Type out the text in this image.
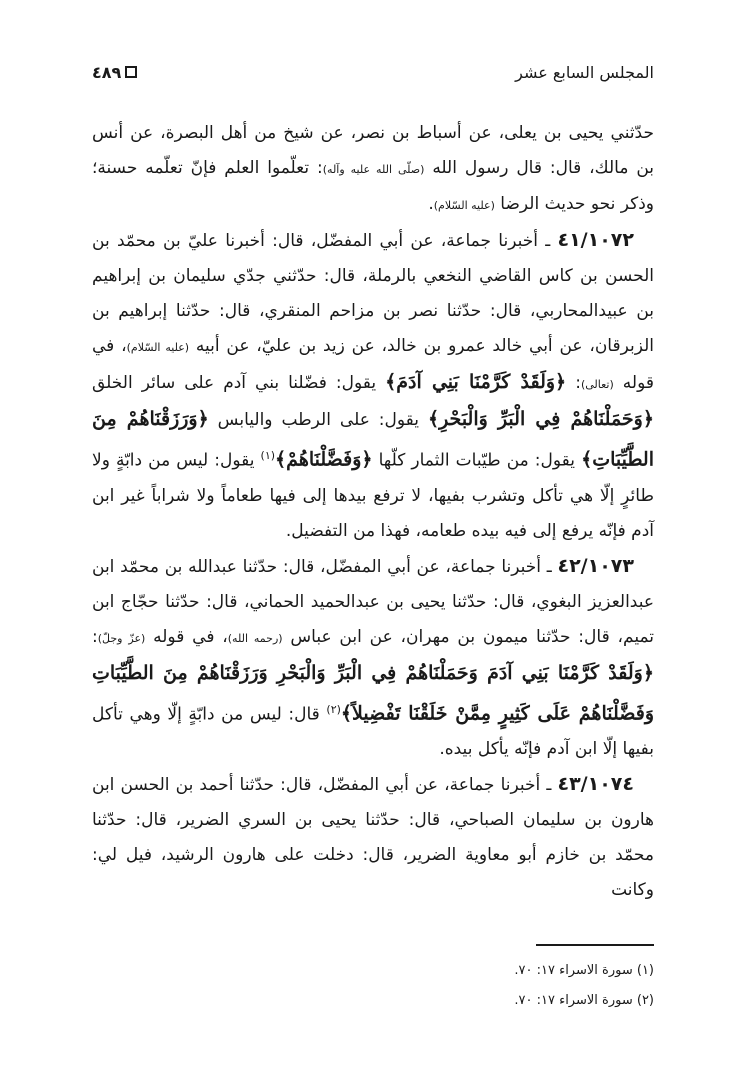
المجلس السابع عشر
٤٨٩

حدّثني يحيى بن يعلى، عن أسباط بن نصر، عن شيخ من أهل البصرة، عن أنس بن مالك، قال: قال رسول الله (صلّى الله عليه وآله): تعلّموا العلم فإنّ تعلّمه حسنة؛ وذكر نحو حديث الرضا (عليه السّلام).

٤١/١٠٧٢ ـ أخبرنا جماعة، عن أبي المفضّل، قال: أخبرنا عليّ بن محمّد بن الحسن بن كاس القاضي النخعي بالرملة، قال: حدّثني جدّي سليمان بن إبراهيم بن عبيدالمحاربي، قال: حدّثنا نصر بن مزاحم المنقري، قال: حدّثنا إبراهيم بن الزبرقان، عن أبي خالد عمرو بن خالد، عن زيد بن عليّ، عن أبيه (عليه السّلام)، في قوله (تعالى): ﴿وَلَقَدْ كَرَّمْنَا بَنِي آدَمَ﴾ يقول: فضّلنا بني آدم على سائر الخلق ﴿وَحَمَلْنَاهُمْ فِي الْبَرِّ وَالْبَحْرِ﴾ يقول: على الرطب واليابس ﴿وَرَزَقْنَاهُمْ مِنَ الطَّيِّبَاتِ﴾ يقول: من طيّبات الثمار كلّها ﴿وَفَضَّلْنَاهُمْ﴾$^{(١)}$ يقول: ليس من دابّةٍ ولا طائرٍ إلّا هي تأكل وتشرب بفيها، لا ترفع بيدها إلى فيها طعاماً ولا شراباً غير ابن آدم فإنّه يرفع إلى فيه بيده طعامه، فهذا من التفضيل.

٤٢/١٠٧٣ ـ أخبرنا جماعة، عن أبي المفضّل، قال: حدّثنا عبدالله بن محمّد ابن عبدالعزيز البغوي، قال: حدّثنا يحيى بن عبدالحميد الحماني، قال: حدّثنا حجّاج ابن تميم، قال: حدّثنا ميمون بن مهران، عن ابن عباس (رحمه الله)، في قوله (عزّ وجلّ): ﴿وَلَقَدْ كَرَّمْنَا بَنِي آدَمَ وَحَمَلْنَاهُمْ فِي الْبَرِّ وَالْبَحْرِ وَرَزَقْنَاهُمْ مِنَ الطَّيِّبَاتِ وَفَضَّلْنَاهُمْ عَلَى كَثِيرٍ مِمَّنْ خَلَقْنَا تَفْضِيلاً﴾$^{(٢)}$ قال: ليس من دابّةٍ إلّا وهي تأكل بفيها إلّا ابن آدم فإنّه يأكل بيده.

٤٣/١٠٧٤ ـ أخبرنا جماعة، عن أبي المفضّل، قال: حدّثنا أحمد بن الحسن ابن هارون بن سليمان الصباحي، قال: حدّثنا يحيى بن السري الضرير، قال: حدّثنا محمّد بن خازم أبو معاوية الضرير، قال: دخلت على هارون الرشيد، فيل لي: وكانت

(١) سورة الاسراء ١٧: ٧٠.

(٢) سورة الاسراء ١٧: ٧٠.
